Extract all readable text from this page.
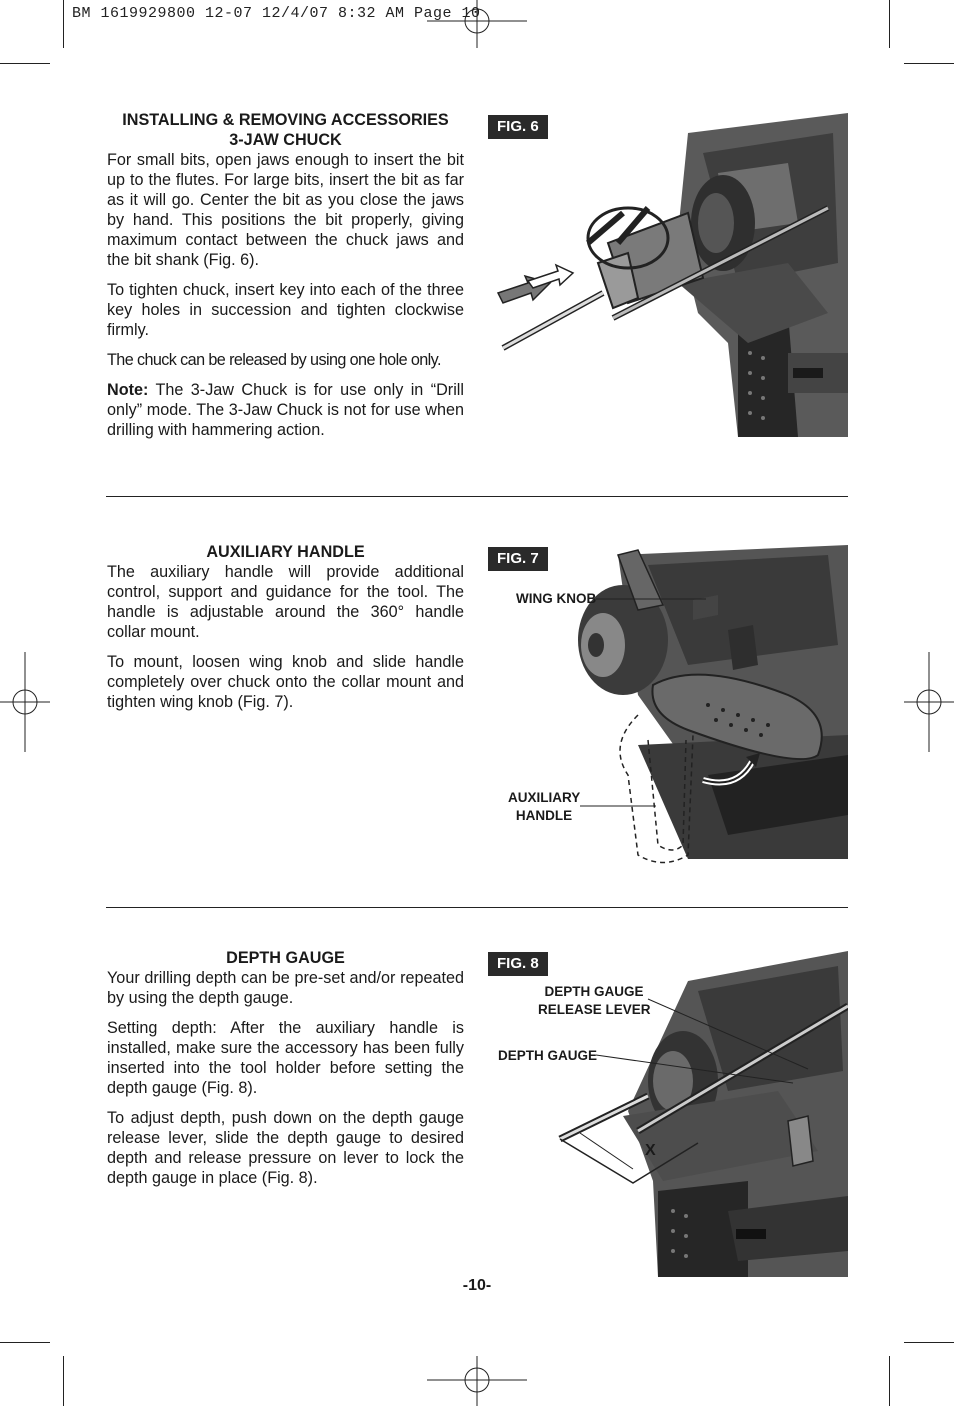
BM 1619929800 12-07 12/4/07 8:32 AM Page 10

INSTALLING & REMOVING ACCESSORIES

3-JAW CHUCK

For small bits, open jaws enough to insert the bit up to the flutes. For large bits, insert the bit as far as it will go. Center the bit as you close the jaws by hand. This positions the bit properly, giving maximum contact between the chuck jaws and the bit shank (Fig. 6).

To tighten chuck, insert key into each of the three key holes in succession and tighten clockwise firmly.

The chuck can be released by using one hole only.

Note: The 3-Jaw Chuck is for use only in “Drill only” mode. The 3-Jaw Chuck is not for use when drilling with hammering action.

FIG. 6

AUXILIARY HANDLE

The auxiliary handle will provide additional control, support and guidance for the tool. The handle is adjustable around the 360° handle collar mount.

To mount, loosen wing knob and slide handle completely over chuck onto the collar mount and tighten wing knob (Fig. 7).

FIG. 7
WING KNOB
AUXILIARY
HANDLE

DEPTH GAUGE

Your drilling depth can be pre-set and/or repeated by using the depth gauge.

Setting depth: After the auxiliary handle is installed, make sure the accessory has been fully inserted into the tool holder before setting the depth gauge (Fig. 8).

To adjust depth, push down on the depth gauge release lever, slide the depth gauge to desired depth and release pressure on lever to lock the depth gauge in place (Fig. 8).

FIG. 8
DEPTH GAUGE
RELEASE LEVER
DEPTH GAUGE
X
-10-
